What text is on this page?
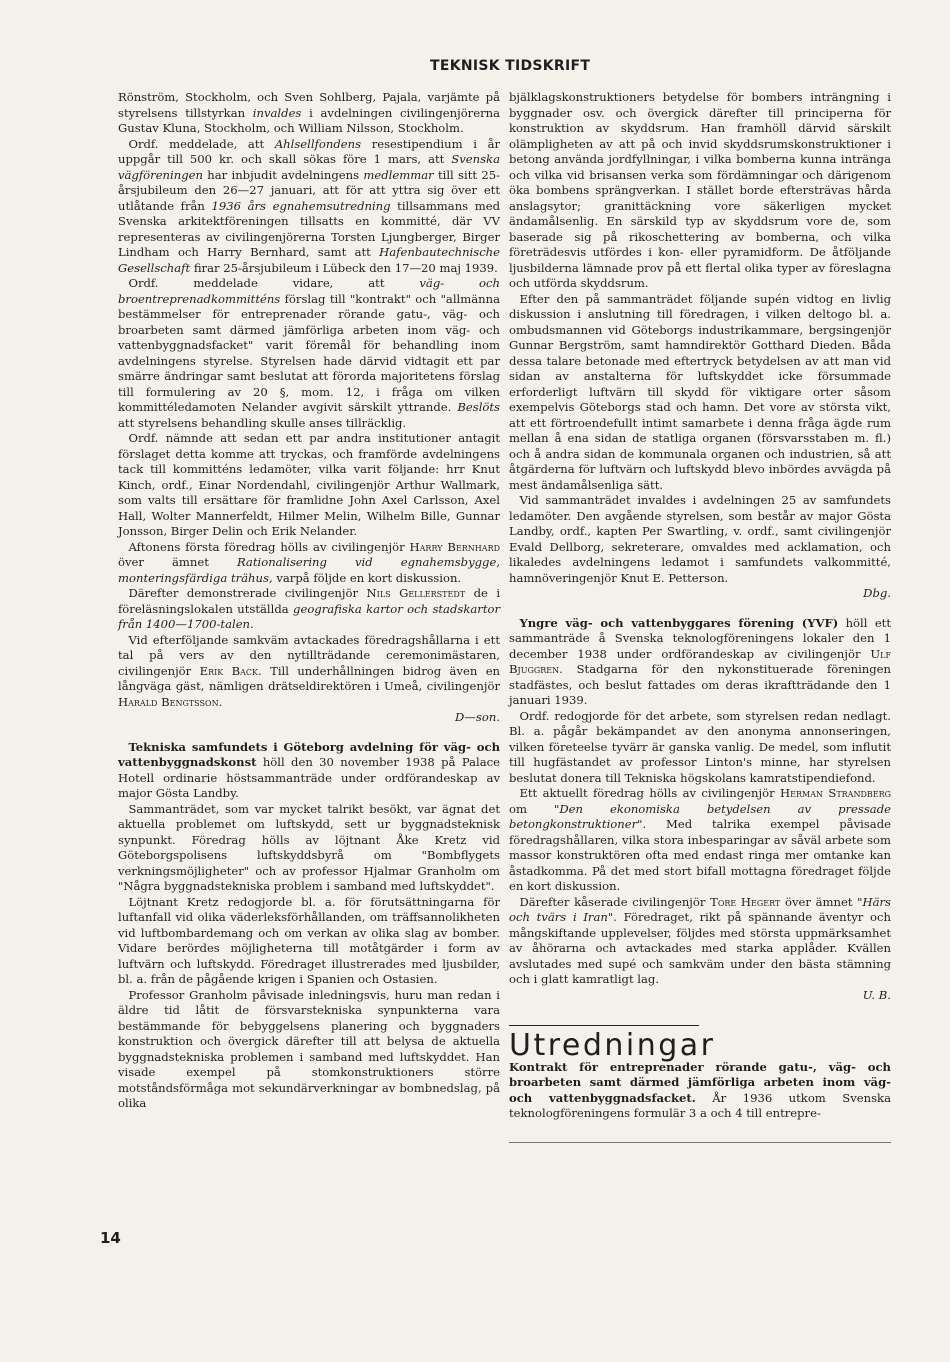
TEKNISK TIDSKRIFT

Rönström, Stockholm, och Sven Sohlberg, Pajala, varjämte på styrelsens tillstyrkan invaldes i avdelningen civilingenjörerna Gustav Kluna, Stockholm, och William Nilsson, Stockholm.

Ordf. meddelade, att Ahlsellfondens resestipendium i år uppgår till 500 kr. och skall sökas före 1 mars, att Svenska vägföreningen har inbjudit avdelningens medlemmar till sitt 25-årsjubileum den 26—27 januari, att för att yttra sig över ett utlåtande från 1936 års egnahemsutredning tillsammans med Svenska arkitektföreningen tillsatts en kommitté, där VV representeras av civilingenjörerna Torsten Ljungberger, Birger Lindham och Harry Bernhard, samt att Hafenbautechnische Gesellschaft firar 25-årsjubileum i Lübeck den 17—20 maj 1939.

Ordf. meddelade vidare, att	väg- och broentreprenadkommitténs förslag till "kontrakt" och "allmänna bestämmelser för entreprenader rörande gatu-, väg- och broarbeten samt därmed jämförliga arbeten inom väg- och vattenbyggnadsfacket" varit föremål för behandling inom avdelningens styrelse. Styrelsen hade därvid vidtagit ett par smärre ändringar samt beslutat att förorda majoritetens förslag till formulering av 20 §, mom. 12, i fråga om vilken kommittéledamoten Nelander avgivit särskilt yttrande. Beslöts att styrelsens behandling skulle anses tillräcklig.

Ordf. nämnde att sedan ett par andra institutioner antagit förslaget detta komme att tryckas, och framförde avdelningens tack till kommitténs ledamöter, vilka varit följande: hrr Knut Kinch, ordf., Einar Nordendahl, civilingenjör Arthur Wallmark, som valts till ersättare för framlidne John Axel Carlsson, Axel Hall, Wolter Mannerfeldt, Hilmer Melin, Wilhelm Bille, Gunnar Jonsson, Birger Delin och Erik Nelander.

Aftonens första föredrag hölls av civilingenjör Harry Bernhard över ämnet Rationalisering vid egnahemsbygge, monteringsfärdiga trähus, varpå följde en kort diskussion.

Därefter demonstrerade civilingenjör Nils Gellerstedt de i föreläsningslokalen utställda geografiska kartor och stadskartor från 1400—1700-talen.

Vid efterföljande samkväm avtackades föredragshållarna i ett tal på vers av den nytillträdande ceremonimästaren, civilingenjör Erik Back. Till underhållningen bidrog även en långväga gäst, nämligen drätseldirektören i Umeå, civilingenjör Harald Bengtsson.

D—son.

Tekniska samfundets i Göteborg avdelning för väg- och vattenbyggnadskonst höll den 30 november 1938 på Palace Hotell ordinarie höstsammanträde under ordförandeskap av major Gösta Landby.

Sammanträdet, som var mycket talrikt besökt, var ägnat det aktuella problemet om luftskydd, sett ur byggnadsteknisk synpunkt. Föredrag hölls av löjtnant Åke Kretz vid Göteborgspolisens luftskyddsbyrå om "Bombflygets verkningsmöjligheter" och av professor Hjalmar Granholm om "Några byggnadstekniska problem i samband med luftskyddet".

Löjtnant Kretz redogjorde bl. a. för förutsättningarna för luftanfall vid olika väderleksförhållanden, om träffsannolikheten vid luftbombardemang och om verkan av olika slag av bomber. Vidare berördes möjligheterna till motåtgärder i form av luftvärn och luftskydd. Föredraget illustrerades med ljusbilder, bl. a. från de pågående krigen i Spanien och Ostasien.

Professor Granholm påvisade inledningsvis, huru man redan i äldre tid låtit de försvarstekniska synpunkterna vara bestämmande för bebyggelsens planering och byggnaders konstruktion och övergick därefter till att belysa de aktuella byggnadstekniska problemen i samband med luftskyddet. Han visade exempel på stomkonstruktioners större motståndsförmåga mot sekundärverkningar av bombnedslag, på olika

bjälklagskonstruktioners betydelse för bombers inträngning i byggnader osv. och övergick därefter till principerna för konstruktion av skyddsrum. Han framhöll därvid särskilt olämpligheten av att på och invid skyddsrumskonstruktioner i betong använda jordfyllningar, i vilka bomberna kunna intränga och vilka vid brisansen verka som fördämningar och därigenom öka bombens sprängverkan. I stället borde eftersträvas hårda anslagsytor; granittäckning vore säkerligen mycket ändamålsenlig. En särskild typ av skyddsrum vore de, som baserade sig på rikoschettering av bomberna, och vilka företrädesvis utfördes i kon- eller pyramidform. De åtföljande ljusbilderna lämnade prov på ett flertal olika typer av föreslagna och utförda skyddsrum.

Efter den på sammanträdet följande supén vidtog en livlig diskussion i anslutning till föredragen, i vilken deltogo bl. a. ombudsmannen vid Göteborgs industrikammare, bergsingenjör Gunnar Bergström, samt hamndirektör Gotthard Dieden. Båda dessa talare betonade med eftertryck betydelsen av att man vid sidan av anstalterna för luftskyddet icke försummade erforderligt luftvärn till skydd för viktigare orter såsom exempelvis Göteborgs stad och hamn. Det vore av största vikt, att ett förtroendefullt intimt samarbete i denna fråga ägde rum mellan å ena sidan de statliga organen (försvarsstaben m. fl.) och å andra sidan de kommunala organen och industrien, så att åtgärderna för luftvärn och luftskydd blevo inbördes avvägda på mest ändamålsenliga sätt.

Vid sammanträdet invaldes i avdelningen 25 av samfundets ledamöter. Den avgående styrelsen, som består av major Gösta Landby, ordf., kapten Per Swartling, v. ordf., samt civilingenjör Evald Dellborg, sekreterare, omvaldes med acklamation, och likaledes avdelningens ledamot i samfundets valkommitté, hamnöveringenjör Knut E. Petterson.

Dbg.

Yngre väg- och vattenbyggares förening (YVF) höll ett sammanträde å Svenska teknologföreningens lokaler den 1 december 1938 under ordförandeskap av civilingenjör Ulf Bjuggren. Stadgarna för den nykonstituerade föreningen stadfästes, och beslut fattades om deras ikraftträdande den 1 januari 1939.

Ordf. redogjorde för det arbete, som styrelsen redan nedlagt. Bl. a. pågår bekämpandet av den anonyma annonseringen, vilken företeelse tyvärr är ganska vanlig. De medel, som influtit till hugfästandet av professor Linton's minne, har styrelsen beslutat donera till Tekniska högskolans kamratstipendiefond.

Ett aktuellt föredrag hölls av civilingenjör Herman Strandberg om "Den ekonomiska betydelsen av pressade betongkonstruktioner". Med talrika exempel påvisade föredragshållaren, vilka stora inbesparingar av såväl arbete som massor konstruktören ofta med endast ringa mer omtanke kan åstadkomma. På det med stort bifall mottagna föredraget följde en kort diskussion.

Därefter kåserade civilingenjör Tore Hegert över ämnet "Härs och tvärs i Iran". Föredraget, rikt på spännande äventyr och mångskiftande upplevelser, följdes med största uppmärksamhet av åhörarna och avtackades med starka applåder. Kvällen avslutades med supé och samkväm under den bästa stämning och i glatt kamratligt lag.

U. B.

Utredningar

Kontrakt för entreprenader rörande gatu-, väg- och broarbeten samt därmed jämförliga arbeten inom väg- och vattenbyggnadsfacket. År 1936 utkom Svenska teknologföreningens formulär 3 a och 4 till entrepre-

14
